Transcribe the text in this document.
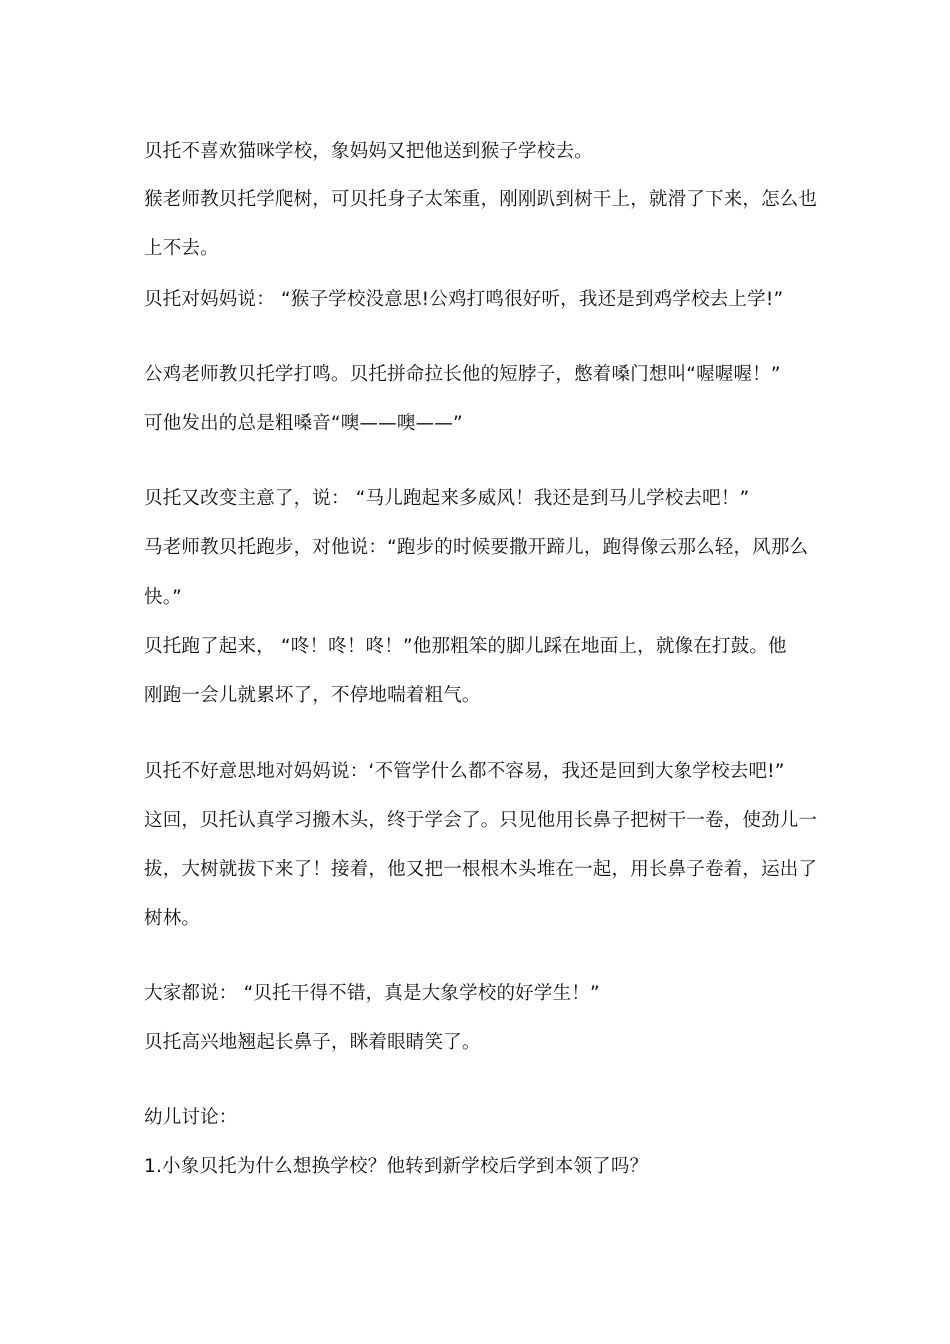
贝托不喜欢猫咪学校，象妈妈又把他送到猴子学校去。
猴老师教贝托学爬树，可贝托身子太笨重，刚刚趴到树干上，就滑了下来，怎么也
上不去。
贝托对妈妈说： “猴子学校没意思!公鸡打鸣很好听，我还是到鸡学校去上学!”
公鸡老师教贝托学打鸣。贝托拼命拉长他的短脖子，憋着嗓门想叫“喔喔喔！”
可他发出的总是粗嗓音“噢——噢——”
贝托又改变主意了，说： “马儿跑起来多威风！我还是到马儿学校去吧！”
马老师教贝托跑步，对他说：“跑步的时候要撒开蹄儿，跑得像云那么轻，风那么
快。”
贝托跑了起来， “咚！咚！咚！”他那粗笨的脚儿踩在地面上，就像在打鼓。他
刚跑一会儿就累坏了，不停地喘着粗气。
贝托不好意思地对妈妈说：‘不管学什么都不容易，我还是回到大象学校去吧!”
这回，贝托认真学习搬木头，终于学会了。只见他用长鼻子把树干一卷，使劲儿一
拔，大树就拔下来了！接着，他又把一根根木头堆在一起，用长鼻子卷着，运出了
树林。
大家都说： “贝托干得不错，真是大象学校的好学生！”
贝托高兴地翘起长鼻子，眯着眼睛笑了。
幼儿讨论：
1.小象贝托为什么想换学校？他转到新学校后学到本领了吗？
